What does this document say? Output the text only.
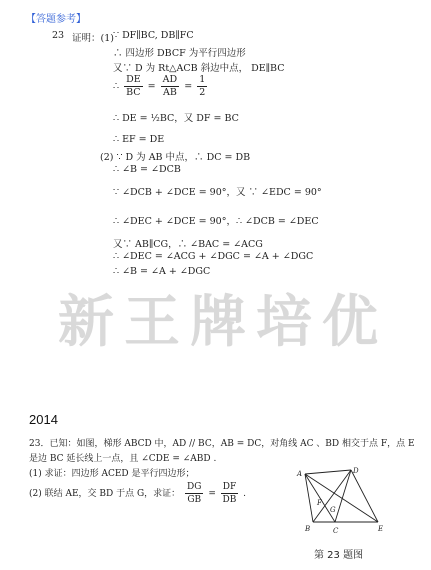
【答题参考】
23 证明：(1) ∵ DF∥BC, DB∥FC
∴ 四边形 DBCF 为平行四边形
又∵ D 为 Rt△ACB 斜边中点， DE∥BC
∴ $\frac{DE}{BC} = \frac{AD}{AB} = \frac{1}{2}$
∴ DE = ½BC，又 DF = BC
∴ EF = DE
(2) ∵ D 为 AB 中点，∴ DC = DB
∴ ∠B = ∠DCB
∵ ∠DCB + ∠DCE = 90°，又 ∵ ∠EDC = 90°
∴ ∠DEC + ∠DCE = 90°，∴ ∠DCB = ∠DEC
又∵ AB∥CG，∴ ∠BAC = ∠ACG
∴ ∠DEC = ∠ACG + ∠DGC = ∠A + ∠DGC
∴ ∠B = ∠A + ∠DGC
新王牌培优
2014
23．已知：如图，梯形 ABCD 中，AD // BC，AB = DC，对角线 AC 、BD 相交于点 F，点 E
是边 BC 延长线上一点，且 ∠CDE = ∠ABD .
(1) 求证：四边形 ACED 是平行四边形；
(2) 联结 AE，交 BD 于点 G，求证： $\frac{DG}{GB} = \frac{DF}{DB}$ .
A	D
B	C	E
F
G
第 23 题图
